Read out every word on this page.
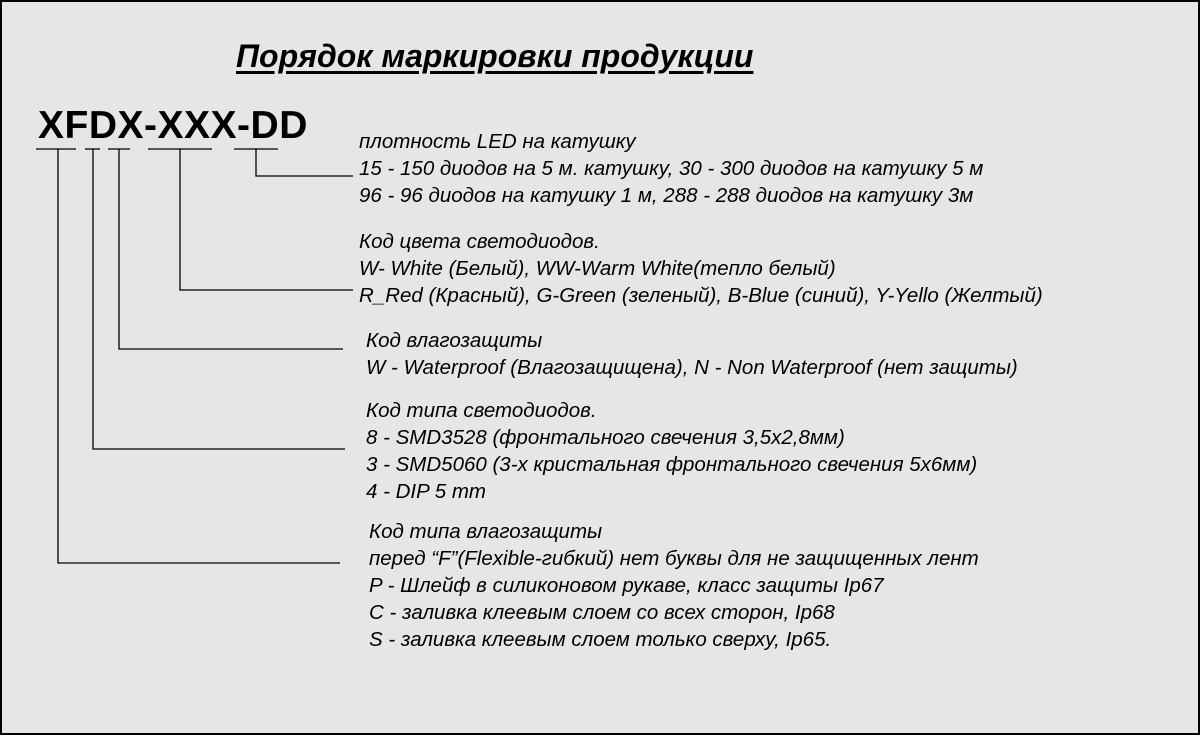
Порядок маркировки продукции
XFDX-XXX-DD плотность LED на катушку
15 - 150 диодов на 5 м. катушку, 30 - 300 диодов на катушку 5 м
96 - 96 диодов на катушку 1 м, 288 - 288 диодов на катушку 3м
Код цвета светодиодов.
W- White (Белый), WW-Warm White(тепло белый)
R_Red (Красный), G-Green (зеленый), B-Blue (синий), Y-Yello (Желтый)
Код влагозащиты
W - Waterproof (Влагозащищена), N - Non Waterproof (нет защиты)
Код типа светодиодов.
8 - SMD3528 (фронтального свечения 3,5х2,8мм)
3 - SMD5060 (3-х кристальная фронтального свечения 5х6мм)
4 - DIP 5 mm
Код типа влагозащиты
перед “F”(Flexible-гибкий) нет буквы для не защищенных лент
P - Шлейф в силиконовом рукаве, класс защиты Ip67
C - заливка клеевым слоем со всех сторон, Ip68
S - заливка клеевым слоем только сверху, Ip65.
